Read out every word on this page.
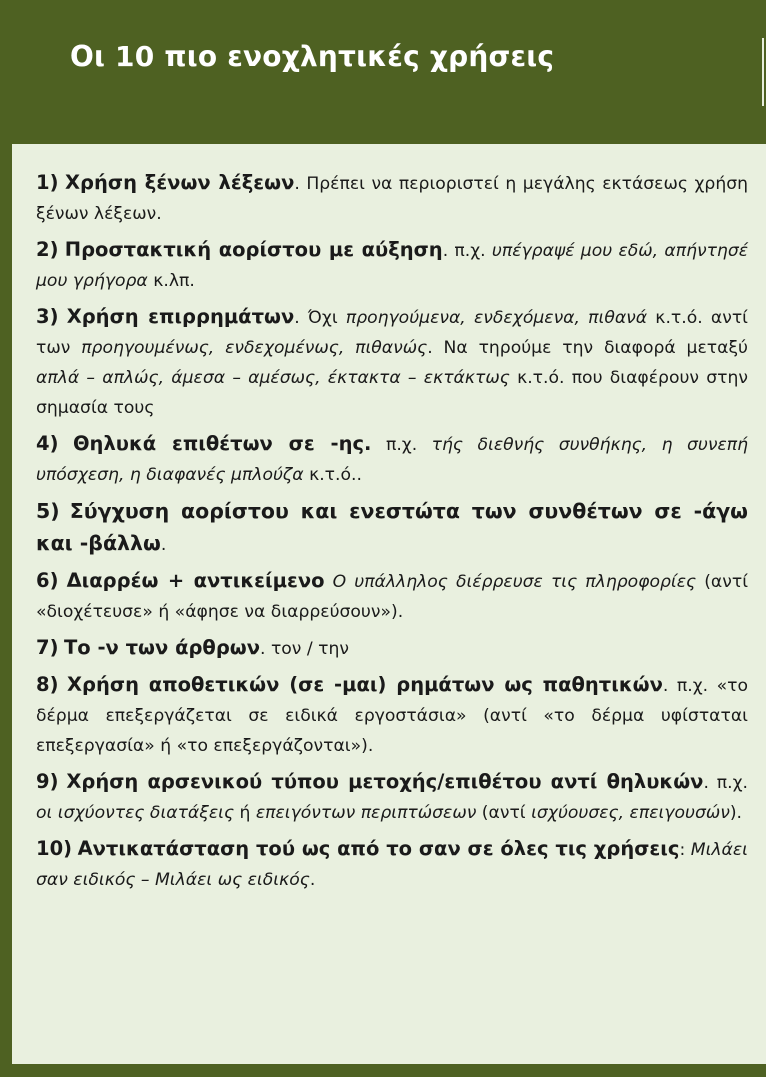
Οι 10 πιο ενοχλητικές χρήσεις
1) Χρήση ξένων λέξεων. Πρέπει να περιοριστεί η μεγάλης εκτάσεως χρήση ξένων λέξεων.
2) Προστακτική αορίστου με αύξηση. π.χ. υπέγραψέ μου εδώ, απήντησέ μου γρήγορα κ.λπ.
3) Χρήση επιρρημάτων. Όχι προηγούμενα, ενδεχόμενα, πιθανά κ.τ.ό. αντί των προηγουμένως, ενδεχομένως, πιθανώς. Να τηρούμε την διαφορά μεταξύ απλά – απλώς, άμεσα – αμέσως, έκτακτα – εκτάκτως κ.τ.ό. που διαφέρουν στην σημασία τους
4) Θηλυκά επιθέτων σε -ης. π.χ. τής διεθνής συνθήκης, η συνεπή υπόσχεση, η διαφανές μπλούζα κ.τ.ό..
5) Σύγχυση αορίστου και ενεστώτα των συνθέτων σε -άγω και -βάλλω.
6) Διαρρέω + αντικείμενο Ο υπάλληλος διέρρευσε τις πληροφορίες (αντί «διοχέτευσε» ή «άφησε να διαρρεύσουν»).
7) Το -ν των άρθρων. τον / την
8) Χρήση αποθετικών (σε -μαι) ρημάτων ως παθητικών. π.χ. «το δέρμα επεξεργάζεται σε ειδικά εργοστάσια» (αντί «το δέρμα υφίσταται επεξεργασία» ή «το επεξεργάζονται»).
9) Χρήση αρσενικού τύπου μετοχής/επιθέτου αντί θηλυκών. π.χ. οι ισχύοντες διατάξεις ή επειγόντων περιπτώσεων (αντί ισχύουσες, επειγουσών).
10) Αντικατάσταση τού ως από το σαν σε όλες τις χρήσεις: Μιλάει σαν ειδικός – Μιλάει ως ειδικός.
